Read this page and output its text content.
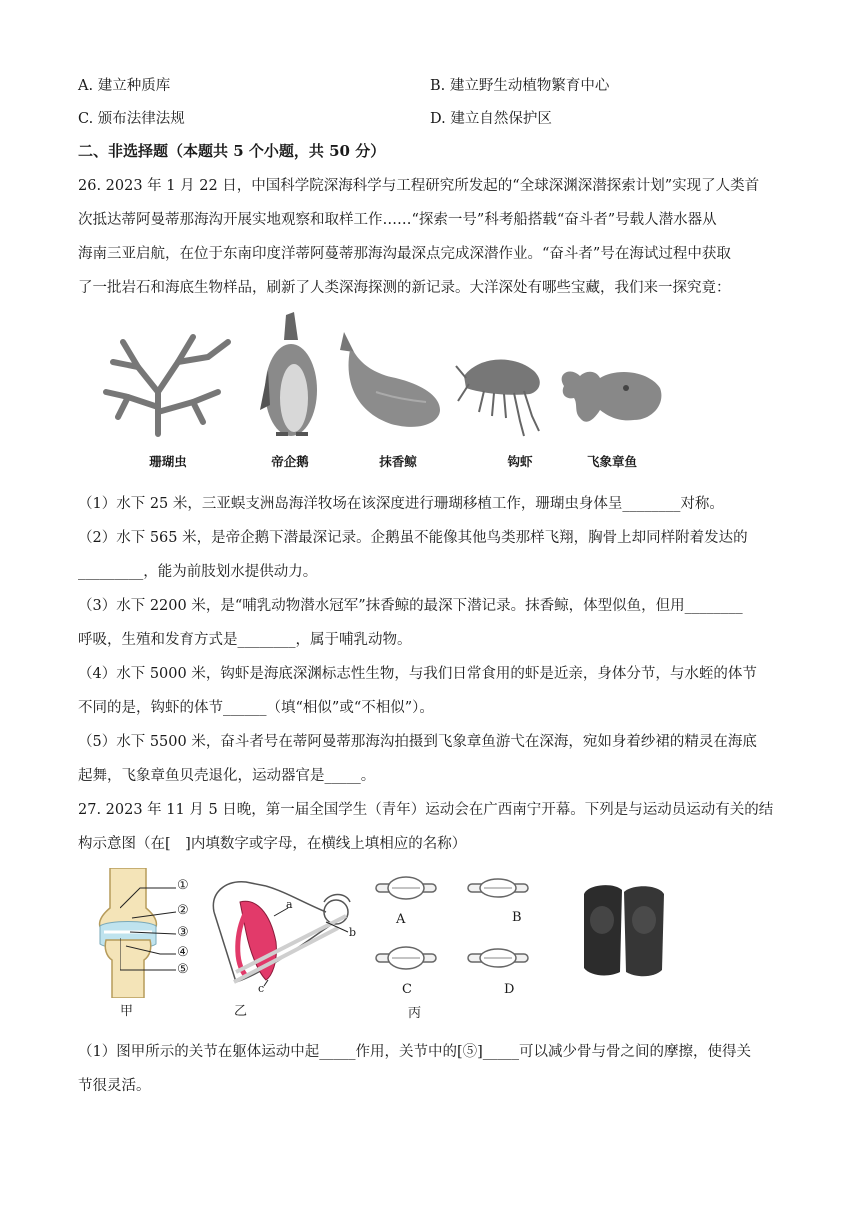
A. 建立种质库	B. 建立野生动植物繁育中心
C. 颁布法律法规	D. 建立自然保护区
二、非选择题（本题共 5 个小题，共 50 分）
26. 2023 年 1 月 22 日，中国科学院深海科学与工程研究所发起的“全球深渊深潜探索计划”实现了人类首
次抵达蒂阿曼蒂那海沟开展实地观察和取样工作……“探索一号”科考船搭载“奋斗者”号载人潜水器从
海南三亚启航，在位于东南印度洋蒂阿蔓蒂那海沟最深点完成深潜作业。“奋斗者”号在海试过程中获取
了一批岩石和海底生物样品，刷新了人类深海探测的新记录。大洋深处有哪些宝藏，我们来一探究竟：
珊瑚虫	帝企鹅	抹香鲸	钩虾	飞象章鱼
（1）水下 25 米，三亚蜈支洲岛海洋牧场在该深度进行珊瑚移植工作，珊瑚虫身体呈________对称。
（2）水下 565 米，是帝企鹅下潜最深记录。企鹅虽不能像其他鸟类那样飞翔，胸骨上却同样附着发达的
_________，能为前肢划水提供动力。
（3）水下 2200 米，是“哺乳动物潜水冠军”抹香鲸的最深下潜记录。抹香鲸，体型似鱼，但用________
呼吸，生殖和发育方式是________，属于哺乳动物。
（4）水下 5000 米，钩虾是海底深渊标志性生物，与我们日常食用的虾是近亲，身体分节，与水蛭的体节
不同的是，钩虾的体节______（填“相似”或“不相似”）。
（5）水下 5500 米，奋斗者号在蒂阿曼蒂那海沟拍摄到飞象章鱼游弋在深海，宛如身着纱裙的精灵在海底
起舞，飞象章鱼贝壳退化，运动器官是_____。
27. 2023 年 11 月 5 日晚，第一届全国学生（青年）运动会在广西南宁开幕。下列是与运动员运动有关的结
构示意图（在[　]内填数字或字母，在横线上填相应的名称）
①
②
③
④
⑤
甲
a
b
c
乙
A	B
C	D
丙
（1）图甲所示的关节在躯体运动中起_____作用，关节中的[⑤]_____可以减少骨与骨之间的摩擦，使得关
节很灵活。
